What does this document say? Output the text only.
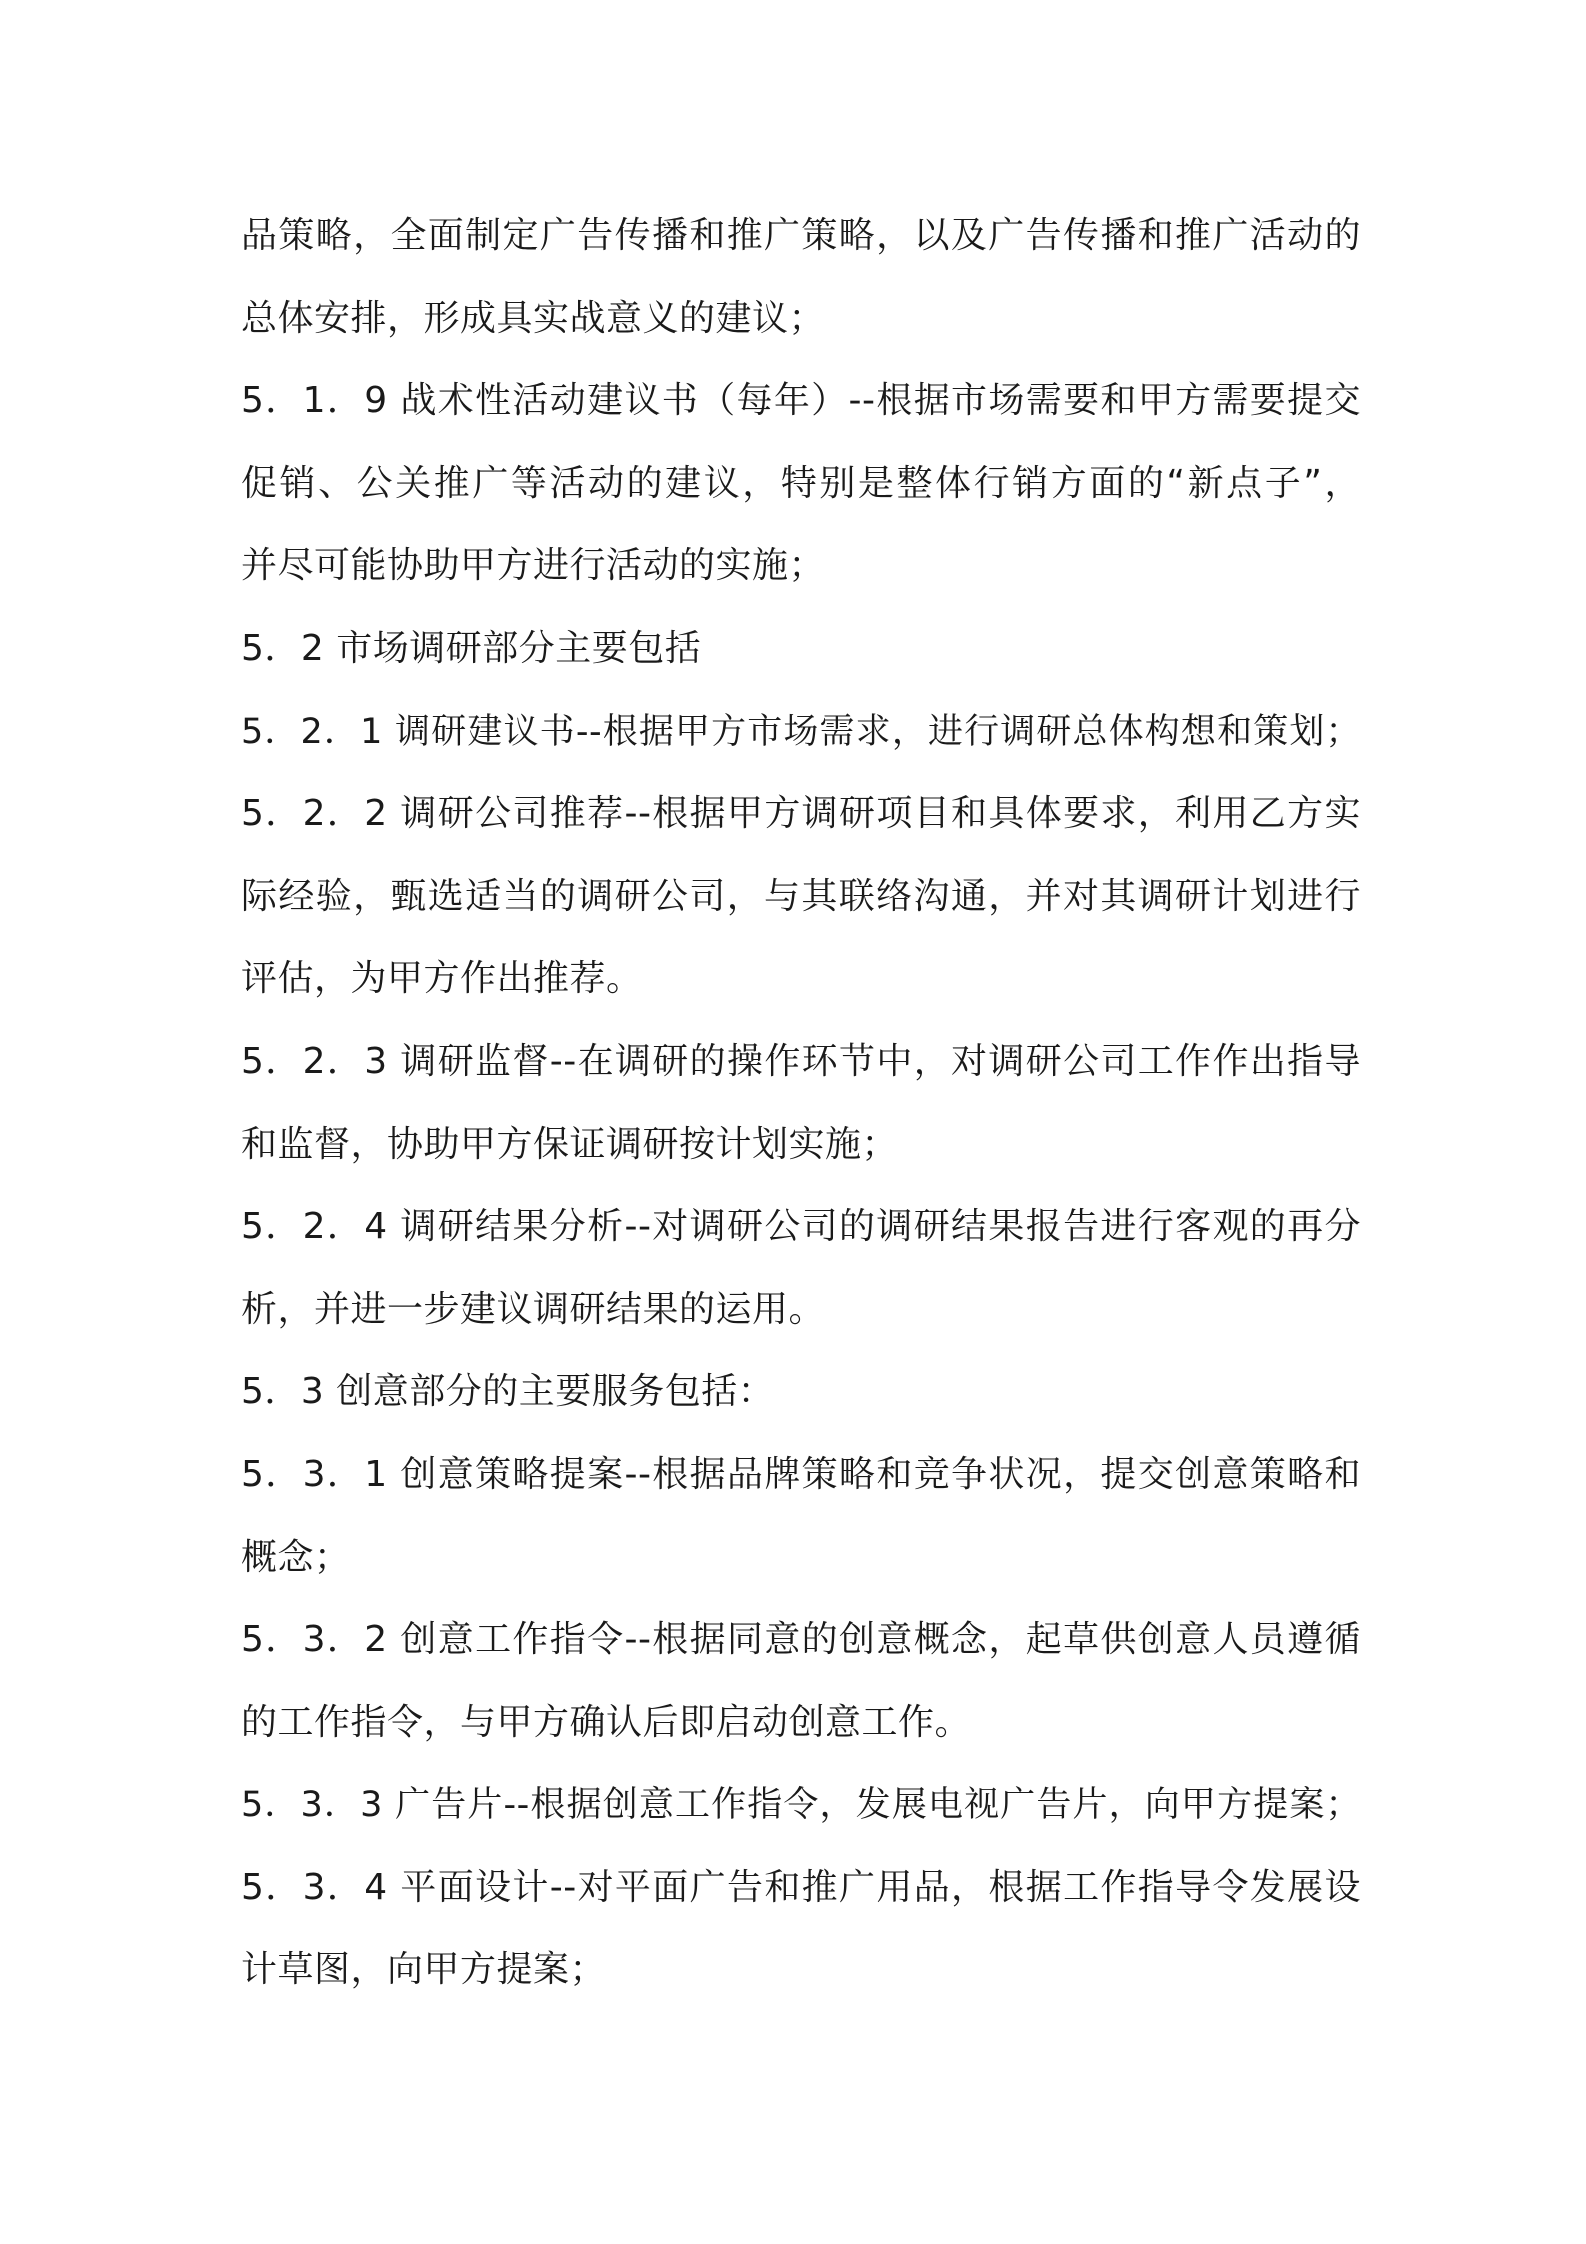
品策略，全面制定广告传播和推广策略，以及广告传播和推广活动的
总体安排，形成具实战意义的建议；
5．1．9 战术性活动建议书（每年）--根据市场需要和甲方需要提交
促销、公关推广等活动的建议，特别是整体行销方面的“新点子”，
并尽可能协助甲方进行活动的实施；
5．2 市场调研部分主要包括
5．2．1 调研建议书--根据甲方市场需求，进行调研总体构想和策划；
5．2．2 调研公司推荐--根据甲方调研项目和具体要求，利用乙方实
际经验，甄选适当的调研公司，与其联络沟通，并对其调研计划进行
评估，为甲方作出推荐。
5．2．3 调研监督--在调研的操作环节中，对调研公司工作作出指导
和监督，协助甲方保证调研按计划实施；
5．2．4 调研结果分析--对调研公司的调研结果报告进行客观的再分
析，并进一步建议调研结果的运用。
5．3 创意部分的主要服务包括：
5．3．1 创意策略提案--根据品牌策略和竞争状况，提交创意策略和
概念；
5．3．2 创意工作指令--根据同意的创意概念，起草供创意人员遵循
的工作指令，与甲方确认后即启动创意工作。
5．3．3 广告片--根据创意工作指令，发展电视广告片，向甲方提案；
5．3．4 平面设计--对平面广告和推广用品，根据工作指导令发展设
计草图，向甲方提案；
